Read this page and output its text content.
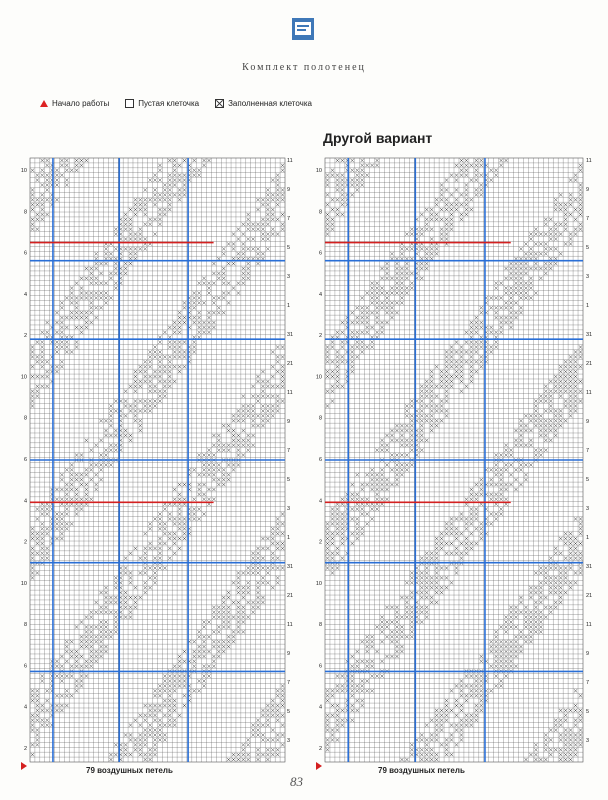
Комплект полотенец
Начало работы	Пустая клеточка	Заполненная клеточка
Другой вариант
10
8
6
4
2
10
8
6
4
2
10
8
6
4
2
10
8
6
4
2
10
8
6
4
2
10
8
6
4
2
11
9
7
5
3
1
31
21
11
9
7
5
3
1
31
21
11
9
7
5
3
11
9
7
5
3
1
31
21
11
9
7
5
3
1
31
21
11
9
7
5
3
79 воздушных петель	79 воздушных петель
83
